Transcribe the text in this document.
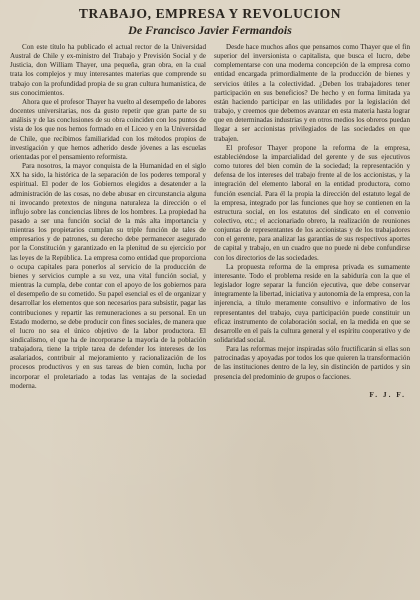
TRABAJO, EMPRESA Y REVOLUCION
De Francisco Javier Fermandois

Con este título ha publicado el actual rector de la Universidad Austral de Chile y ex-ministro del Trabajo y Previsión Social y de Justicia, don William Thayer, una pequeña, gran obra, en la cual trata los complejos y muy interesantes materias que comprende su trabajo con la profundidad propia de su gran cultura humanística, de sus conocimientos.

Ahora que el profesor Thayer ha vuelto al desempeño de labores docentes universitarias, nos da gusto repetir que gran parte de su análisis y de las conclusiones de su obra coinciden con los puntos de vista de los que nos hemos formado en el Liceo y en la Universidad de Chile, que recibimos familiaridad con los métodos propios de investigación y que hemos adherido desde jóvenes a las escuelas orientadas por el pensamiento reformista.

Para nosotros, la mayor conquista de la Humanidad en el siglo XX ha sido, la histórica de la separación de los poderes temporal y espiritual. El poder de los Gobiernos elegidos a desatender a la administración de las cosas, no debe abusar en circunstancia alguna ni invocando pretextos de ninguna naturaleza la dirección o el influjo sobre las conciencias libres de los hombres. La propiedad ha pasado a ser una función social de la más alta importancia y mientras los propietarios cumplan su triple función de tales de empresarios y de patrones, su derecho debe permanecer asegurado por la Constitución y garantizado en la plenitud de su ejercicio por las leyes de la República. La empresa como entidad que proporciona o ocupa capitales para ponerlos al servicio de la producción de bienes y servicios cumple a su vez, una vital función social, y mientras la cumpla, debe contar con el apoyo de los gobiernos para el desempeño de su cometido. Su papel esencial es el de organizar y desarrollar los elementos que son necesarios para subsistir, pagar las contribuciones y repartir las remuneraciones a su personal. En un Estado moderno, se debe producir con fines sociales, de manera que el lucro no sea el único objetivo de la labor productora. El sindicalismo, el que ha de incorporarse la mayoría de la población trabajadora, tiene la triple tarea de defender los intereses de los asalariados, contribuir al mejoramiento y racionalización de los procesos productivos y en sus tareas de bien común, lucha por incorporar el proletariado a todas las ventajas de la sociedad moderna.

Desde hace muchos años que pensamos como Thayer que el fin superior del inversionista o capitalista, que busca el lucro, debe complementarse con una moderna concepción de la empresa como entidad encargada primordialmente de la producción de bienes y servicios útiles a la colectividad. ¿Deben los trabajadores tener participación en sus beneficios? De hecho y en forma limitada ya están haciendo participar en las utilidades por la legislación del trabajo, y creemos que debemos avanzar en esta materia hasta lograr que en determinadas industrias y en otros medios los obreros puedan llegar a ser accionistas privilegiados de las sociedades en que trabajen.

El profesor Thayer propone la reforma de la empresa, estableciéndose la imparcialidad del gerente y de sus ejecutivos como tutores del bien común de la sociedad; la representación y defensa de los intereses del trabajo frente al de los accionistas, y la integración del elemento laboral en la entidad productora, como función esencial. Para él la propia la dirección del estatuto legal de la empresa, integrado por las funciones que hoy se contienen en la estructura social, en los estatutos del sindicato en el convenio colectivo, etc.; el accionariado obrero, la realización de reuniones conjuntas de representantes de los accionistas y de los trabajadores con el gerente, para analizar las garantías de sus respectivos aportes de capital y trabajo, en un cuadro que no puede ni debe confundirse con los directorios de las sociedades.

La propuesta reforma de la empresa privada es sumamente interesante. Todo el problema reside en la sabiduría con la que el legislador logre separar la función ejecutiva, que debe conservar íntegramente la libertad, iniciativa y autonomía de la empresa, con la injerencia, a título meramente consultivo e informativo de los representantes del trabajo, cuya participación puede constituir un eficaz instrumento de colaboración social, en la medida en que se desarrolle en el país la cultura general y el espíritu cooperativo y de solidaridad social.

Para las reformas mejor inspiradas sólo fructificarán si ellas son patrocinadas y apoyadas por todos los que quieren la transformación de las instituciones dentro de la ley, sin distinción de partidos y sin presencia del predominio de grupos o facciones.

F. J. F.
